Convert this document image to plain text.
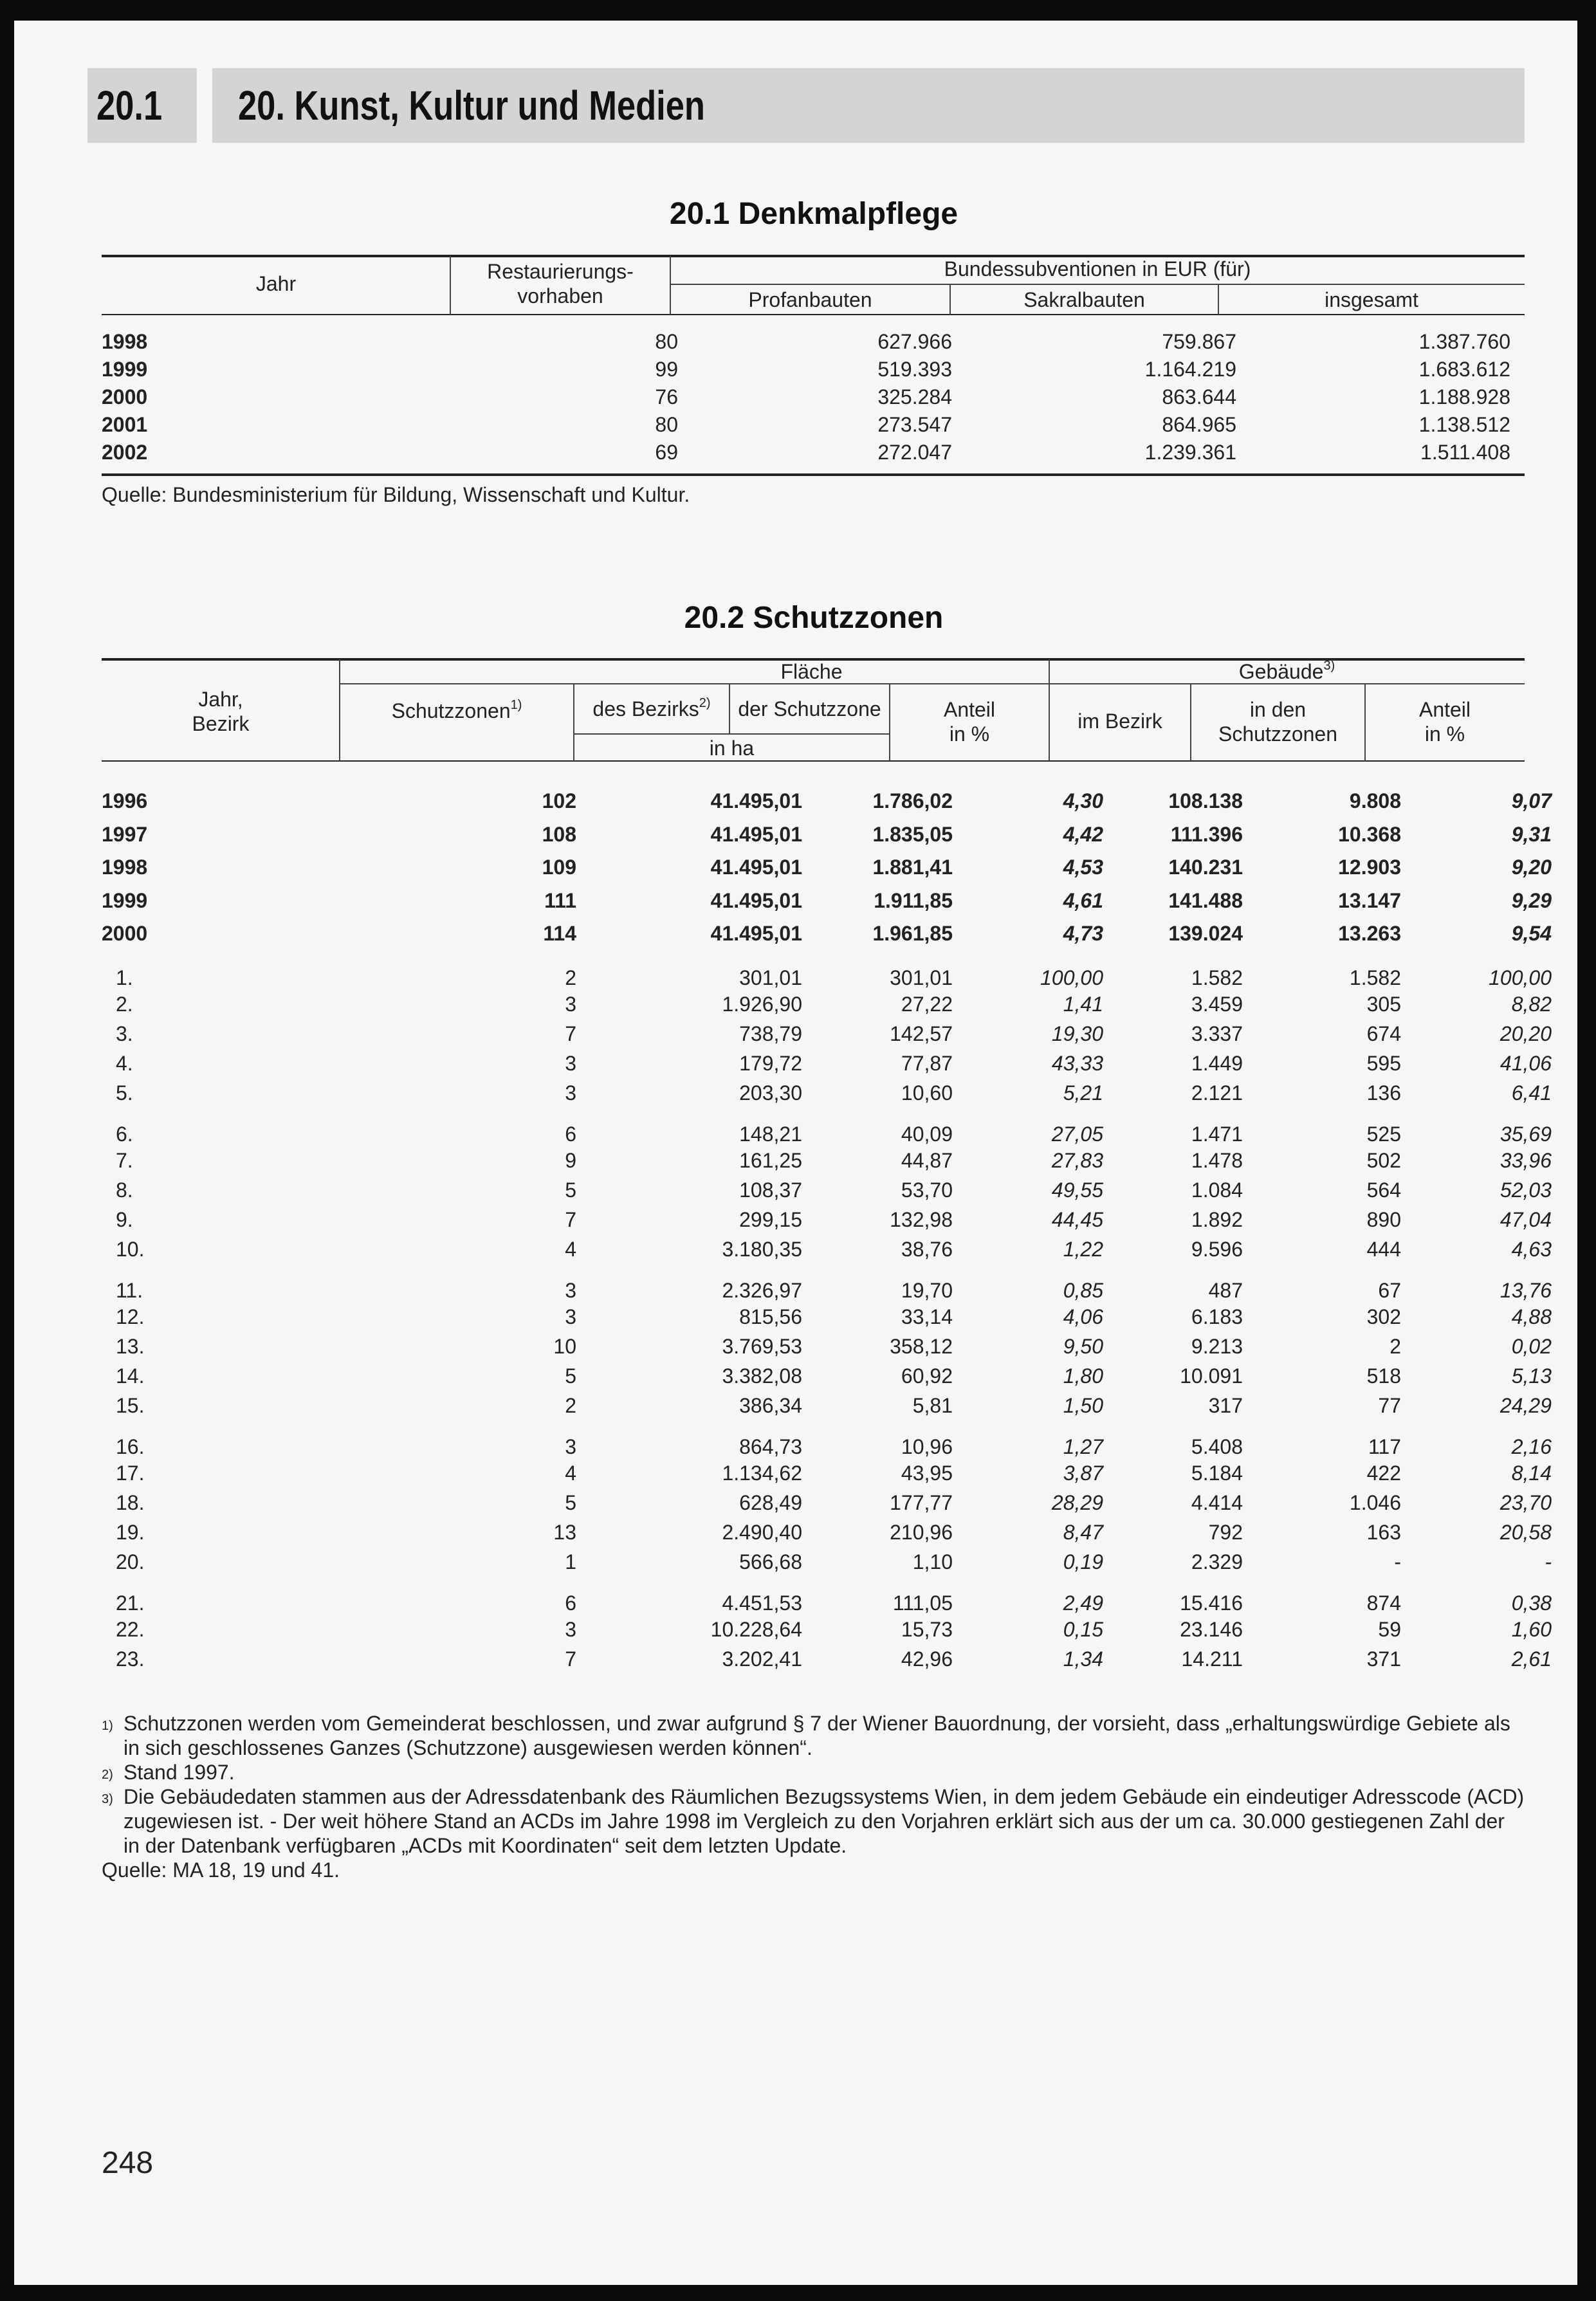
20.1	20. Kunst, Kultur und Medien
20.1 Denkmalpflege
Jahr
Restaurierungs-
vorhaben
Bundessubventionen in EUR (für)
Profanbauten	Sakralbauten	insgesamt
1998	80	627.966	759.867	1.387.760
1999	99	519.393	1.164.219	1.683.612
2000	76	325.284	863.644	1.188.928
2001	80	273.547	864.965	1.138.512
2002	69	272.047	1.239.361	1.511.408
Quelle: Bundesministerium für Bildung, Wissenschaft und Kultur.
20.2 Schutzzonen
Jahr,
Bezirk
Schutzzonen$^{1)}$
Fläche	Gebäude$^{3)}$
des Bezirks$^{2)}$	der Schutzzone
in ha
Anteil
in %
im Bezirk	in den
Schutzzonen
Anteil
in %
1996	102	41.495,01	1.786,02	4,30	108.138	9.808	9,07
1997	108	41.495,01	1.835,05	4,42	111.396	10.368	9,31
1998	109	41.495,01	1.881,41	4,53	140.231	12.903	9,20
1999	111	41.495,01	1.911,85	4,61	141.488	13.147	9,29
2000	114	41.495,01	1.961,85	4,73	139.024	13.263	9,54
1.	2	301,01	301,01	100,00	1.582	1.582	100,00
2.	3	1.926,90	27,22	1,41	3.459	305	8,82
3.	7	738,79	142,57	19,30	3.337	674	20,20
4.	3	179,72	77,87	43,33	1.449	595	41,06
5.	3	203,30	10,60	5,21	2.121	136	6,41
6.	6	148,21	40,09	27,05	1.471	525	35,69
7.	9	161,25	44,87	27,83	1.478	502	33,96
8.	5	108,37	53,70	49,55	1.084	564	52,03
9.	7	299,15	132,98	44,45	1.892	890	47,04
10.	4	3.180,35	38,76	1,22	9.596	444	4,63
11.	3	2.326,97	19,70	0,85	487	67	13,76
12.	3	815,56	33,14	4,06	6.183	302	4,88
13.	10	3.769,53	358,12	9,50	9.213	2	0,02
14.	5	3.382,08	60,92	1,80	10.091	518	5,13
15.	2	386,34	5,81	1,50	317	77	24,29
16.	3	864,73	10,96	1,27	5.408	117	2,16
17.	4	1.134,62	43,95	3,87	5.184	422	8,14
18.	5	628,49	177,77	28,29	4.414	1.046	23,70
19.	13	2.490,40	210,96	8,47	792	163	20,58
20.	1	566,68	1,10	0,19	2.329	-	-
21.	6	4.451,53	111,05	2,49	15.416	874	0,38
22.	3	10.228,64	15,73	0,15	23.146	59	1,60
23.	7	3.202,41	42,96	1,34	14.211	371	2,61
1) Schutzzonen werden vom Gemeinderat beschlossen, und zwar aufgrund § 7 der Wiener Bauordnung, der vorsieht, dass „erhaltungswürdige Gebiete als in sich geschlossenes Ganzes (Schutzzone) ausgewiesen werden können“.
2) Stand 1997.
3) Die Gebäudedaten stammen aus der Adressdatenbank des Räumlichen Bezugssystems Wien, in dem jedem Gebäude ein eindeutiger Adresscode (ACD) zugewiesen ist. - Der weit höhere Stand an ACDs im Jahre 1998 im Vergleich zu den Vorjahren erklärt sich aus der um ca. 30.000 gestiegenen Zahl der in der Datenbank verfügbaren „ACDs mit Koordinaten“ seit dem letzten Update.
Quelle: MA 18, 19 und 41.
248
